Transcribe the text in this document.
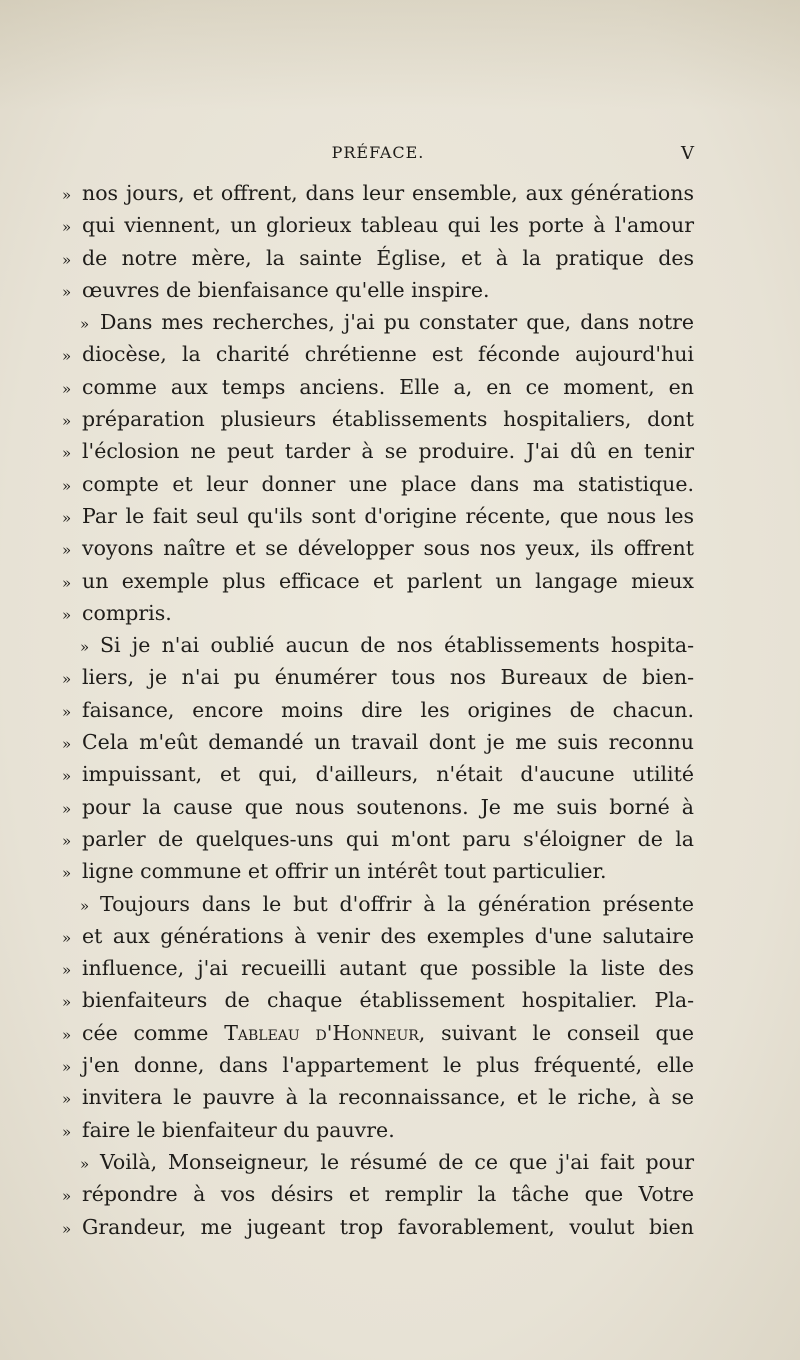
PRÉFACE.	V
» nos jours, et offrent, dans leur ensemble, aux générations
» qui viennent, un glorieux tableau qui les porte à l'amour
» de notre mère, la sainte Église, et à la pratique des
» œuvres de bienfaisance qu'elle inspire.
» Dans mes recherches, j'ai pu constater que, dans notre
» diocèse, la charité chrétienne est féconde aujourd'hui
» comme aux temps anciens. Elle a, en ce moment, en
» préparation plusieurs établissements hospitaliers, dont
» l'éclosion ne peut tarder à se produire. J'ai dû en tenir
» compte et leur donner une place dans ma statistique.
» Par le fait seul qu'ils sont d'origine récente, que nous les
» voyons naître et se développer sous nos yeux, ils offrent
» un exemple plus efficace et parlent un langage mieux
» compris.
» Si je n'ai oublié aucun de nos établissements hospita-
» liers, je n'ai pu énumérer tous nos Bureaux de bien-
» faisance, encore moins dire les origines de chacun.
» Cela m'eût demandé un travail dont je me suis reconnu
» impuissant, et qui, d'ailleurs, n'était d'aucune utilité
» pour la cause que nous soutenons. Je me suis borné à
» parler de quelques-uns qui m'ont paru s'éloigner de la
» ligne commune et offrir un intérêt tout particulier.
» Toujours dans le but d'offrir à la génération présente
» et aux générations à venir des exemples d'une salutaire
» influence, j'ai recueilli autant que possible la liste des
» bienfaiteurs de chaque établissement hospitalier. Pla-
» cée comme Tableau d'Honneur, suivant le conseil que
» j'en donne, dans l'appartement le plus fréquenté, elle
» invitera le pauvre à la reconnaissance, et le riche, à se
» faire le bienfaiteur du pauvre.
» Voilà, Monseigneur, le résumé de ce que j'ai fait pour
» répondre à vos désirs et remplir la tâche que Votre
» Grandeur, me jugeant trop favorablement, voulut bien
